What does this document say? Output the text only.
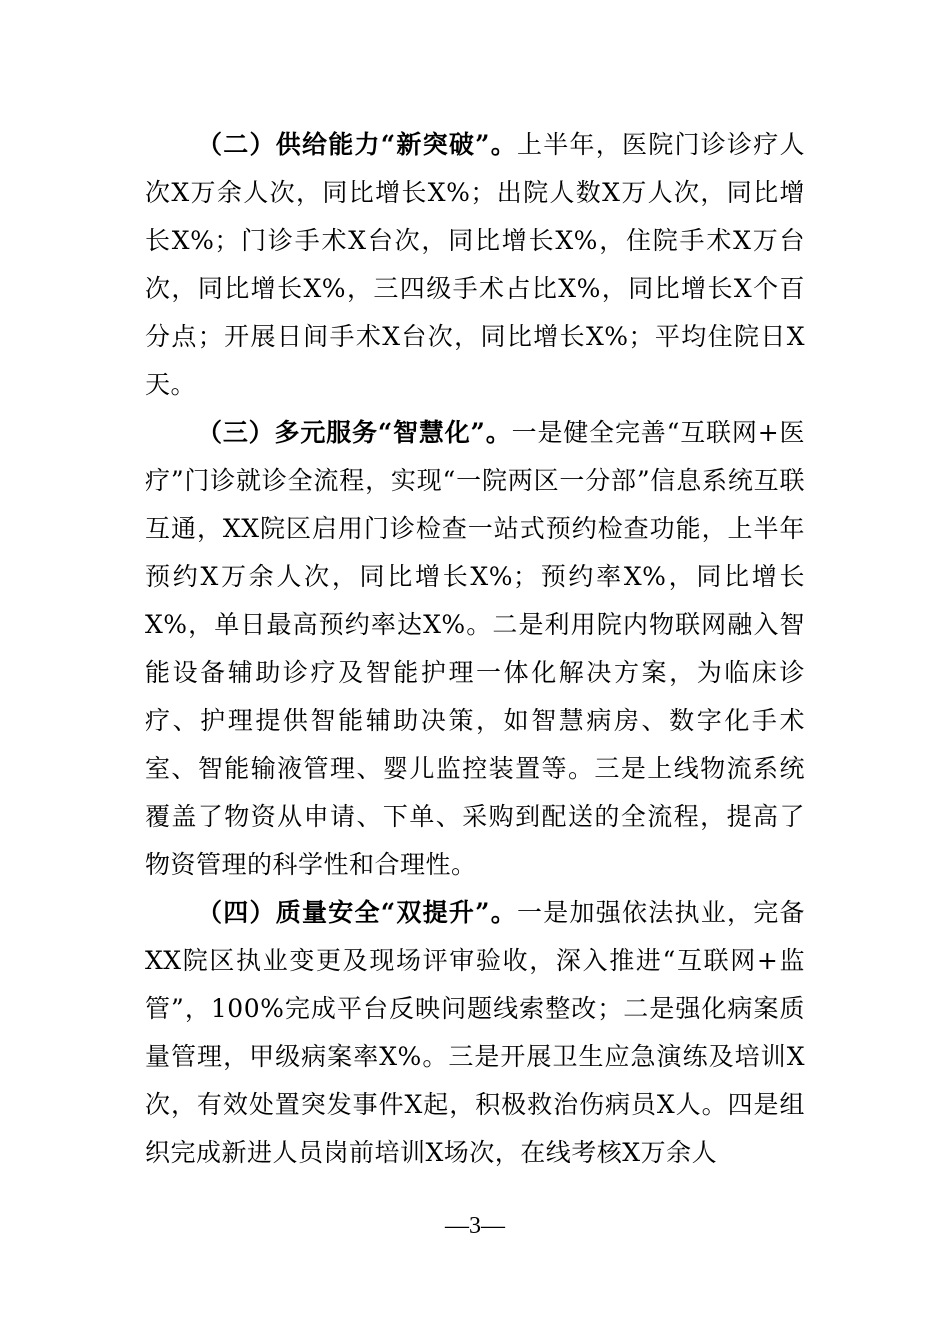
（二）供给能力“新突破”。上半年，医院门诊诊疗人次X万余人次，同比增长X%；出院人数X万人次，同比增长X%；门诊手术X台次，同比增长X%，住院手术X万台次，同比增长X%，三四级手术占比X%，同比增长X个百分点；开展日间手术X台次，同比增长X%；平均住院日X天。

（三）多元服务“智慧化”。一是健全完善“互联网+医疗”门诊就诊全流程，实现“一院两区一分部”信息系统互联互通，XX院区启用门诊检查一站式预约检查功能，上半年预约X万余人次，同比增长X%；预约率X%，同比增长X%，单日最高预约率达X%。二是利用院内物联网融入智能设备辅助诊疗及智能护理一体化解决方案，为临床诊疗、护理提供智能辅助决策，如智慧病房、数字化手术室、智能输液管理、婴儿监控装置等。三是上线物流系统覆盖了物资从申请、下单、采购到配送的全流程，提高了物资管理的科学性和合理性。

（四）质量安全“双提升”。一是加强依法执业，完备XX院区执业变更及现场评审验收，深入推进“互联网+监管”，100%完成平台反映问题线索整改；二是强化病案质量管理，甲级病案率X%。三是开展卫生应急演练及培训X次，有效处置突发事件X起，积极救治伤病员X人。四是组织完成新进人员岗前培训X场次，在线考核X万余人

—3—
